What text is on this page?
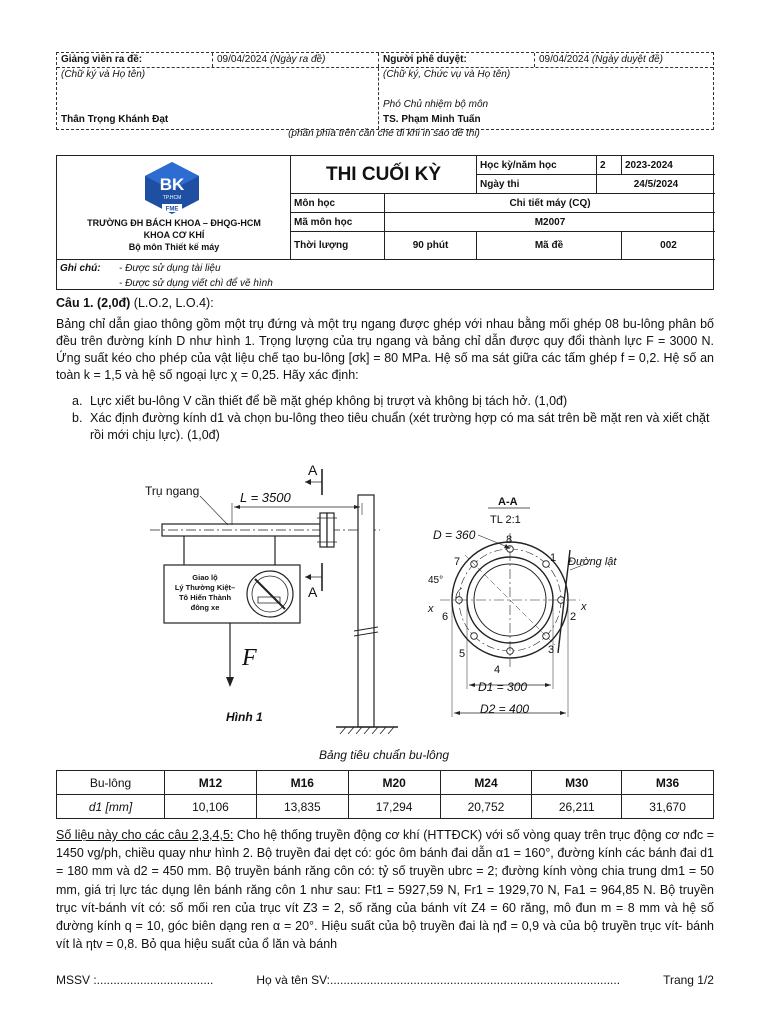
Giảng viên ra đề:	09/04/2024 (Ngày ra đề)	Người phê duyệt:	09/04/2024 (Ngày duyệt đề)
(Chữ ký và Họ tên)
Thân Trọng Khánh Đạt
(Chữ ký, Chức vụ và Họ tên)
Phó Chủ nhiệm bộ môn
TS. Phạm Minh Tuấn
(phần phía trên cần che đi khi in sao đề thi)
BK
TP.HCM
FME
TRƯỜNG ĐH BÁCH KHOA – ĐHQG-HCM
KHOA CƠ KHÍ
Bộ môn Thiết kế máy
THI CUỐI KỲ	Học kỳ/năm học	2	2023-2024
Ngày thi	24/5/2024
Môn học	Chi tiết máy (CQ)
Mã môn học	M2007
Thời lượng	90 phút	Mã đề	002
Ghi chú: - Được sử dụng tài liệu
- Được sử dụng viết chì để vẽ hình
Câu 1. (2,0đ) (L.O.2, L.O.4):
Bảng chỉ dẫn giao thông gồm một trụ đứng và một trụ ngang được ghép với nhau bằng mối ghép 08 bu-lông phân bố đều trên đường kính D như hình 1. Trọng lượng của trụ ngang và bảng chỉ dẫn được quy đổi thành lực F = 3000 N. Ứng suất kéo cho phép của vật liệu chế tạo bu-lông [σk] = 80 MPa. Hệ số ma sát giữa các tấm ghép f = 0,2. Hệ số an toàn k = 1,5 và hệ số ngoại lực χ = 0,25. Hãy xác định:
a. Lực xiết bu-lông V cần thiết để bề mặt ghép không bị trượt và không bị tách hở. (1,0đ)
b. Xác định đường kính d1 và chọn bu-lông theo tiêu chuẩn (xét trường hợp có ma sát trên bề mặt ren và xiết chặt rồi mới chịu lực). (1,0đ)
Trụ ngang	L = 3500
A
A
F
Hình 1
A-A
TL 2:1
D = 360
Đường lật
45°
x	x
D1 = 300
D2 = 400
1
2
3
4
5
6
7
8
Giao lộ
Lý Thường Kiệt–
Tô Hiến Thành
đông xe
Bảng tiêu chuẩn bu-lông
Bu-lông	M12	M16	M20	M24	M30	M36
d1 [mm]	10,106	13,835	17,294	20,752	26,211	31,670
Số liệu này cho các câu 2,3,4,5: Cho hệ thống truyền động cơ khí (HTTĐCK) với số vòng quay trên trục động cơ nđc = 1450 vg/ph, chiều quay như hình 2. Bộ truyền đai dẹt có: góc ôm bánh đai dẫn α1 = 160°, đường kính các bánh đai d1 = 180 mm và d2 = 450 mm. Bộ truyền bánh răng côn có: tỷ số truyền ubrc = 2; đường kính vòng chia trung dm1 = 50 mm, giá trị lực tác dụng lên bánh răng côn 1 như sau: Ft1 = 5927,59 N, Fr1 = 1929,70 N, Fa1 = 964,85 N. Bộ truyền trục vít-bánh vít có: số mối ren của trục vít Z3 = 2, số răng của bánh vít Z4 = 60 răng, mô đun m = 8 mm và hệ số đường kính q = 10, góc biên dạng ren α = 20°. Hiệu suất của bộ truyền đai là ηđ = 0,9 và của bộ truyền trục vít- bánh vít là ηtv = 0,8. Bỏ qua hiệu suất của ổ lăn và bánh
MSSV :...................................	Họ và tên SV:.......................................................................................	Trang 1/2
